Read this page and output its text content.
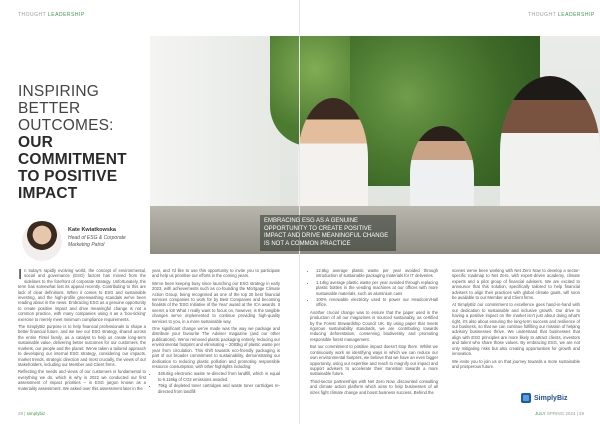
THOUGHT LEADERSHIP	THOUGHT LEADERSHIP
INSPIRING
BETTER
OUTCOMES:
OUR
COMMITMENT
TO POSITIVE
IMPACT
Kate Kwiatkowska
Head of ESG & Corporate Marketing Patrol
EMBRACING ESG AS A GENUINE OPPORTUNITY TO CREATE POSITIVE IMPACT AND DRIVE MEANINGFUL CHANGE IS NOT A COMMON PRACTICE

In today's rapidly evolving world, the concept of environmental, social and governance (ESG) factors has moved from the sidelines to the forefront of corporate strategy. Unfortunately, the term has somewhat lost its appeal recently. Contributing to this are lack of clear definitions. When it comes to ESG and sustainable investing, and the high-profile greenwashing scandals we've been reading about in the news. Embracing ESG as a genuine opportunity to create positive impact and drive meaningful change is not a common practice, with many companies using it as a 'box-ticking' exercise to merely meet minimum compliance requirements.

The SimplyBiz purpose is to help financial professionals to shape a better financial future, and we see our ESG strategy, shared across the entire Fintel family, as a catalyst to help us create long-term sustainable value, delivering better outcomes for our customers, the markets, our people and the planet. We've taken a tailored approach to developing our internal ESG strategy, considering our impacts, market trends, strategic direction and most crucially, the views of our stakeholders, including our Member and Client firms.

Reflecting the needs and views of our customers is fundamental to everything we do, which is why in 2022 we conducted our first assessment of impact priorities – in ESG jargon known as a materiality assessment. We asked over this assessment later in the

year, and I'd like to use this opportunity to invite you to participate and help us prioritise our efforts in the coming years.

We've been keeping busy since launching our ESG strategy in early 2023, with achievements such as co-founding the Mortgage Climate Action Group, being recognised as one of the top 20 best financial services companies to work for by Best Companies and becoming finalists of the 'ESG Initiative of the Year' award at the ICA awards. It seems a lot! What I really want to focus on, however, is the tangible changes we've implemented to continue providing high-quality services to you, in a more sustainable way.

One significant change we've made was the way we package and distribute your favourite The Adviser magazine (and our other publications). We've removed plastic packaging entirely, reducing our environmental footprint and eliminating – 2083kg of plastic waste per year from circulation. This shift towards eco-friendly packaging is part of our broader commitment to sustainability, demonstrating our dedication to reducing plastic pollution and promoting responsible resource consumption, with other highlights including:

• 348.6kg electronic waste re-directed from landfill, which is equal to 6.116kg of CO2 emissions avoided
• 75kg of depleted toner cartridges and waste toner cartridges re-directed from landfill
• 12.6kg average plastic waste per year avoided through introduction of sustainable packaging materials for IT deliveries
• 1.14kg average plastic waste per year avoided through replacing plastic bottles in the vending machines at our offices with more sustainable materials, such as aluminium cans
• 100% renewable electricity used to power our Headcorn/Hall office.

Another crucial change was to ensure that the paper used in the production of all our magazines is sourced sustainably, as certified by the Forest Stewardship Council UK. By using paper that meets rigorous sustainability standards, we are contributing towards reducing deforestation, conserving biodiversity and promoting responsible forest management.

But our commitment to positive impact doesn't stop there. Whilst we continuously work on identifying ways in which we can reduce our own environmental footprint, we believe that we have an even bigger opportunity, using our expertise and reach to magnify our impact and support advisers to accelerate their transition towards a more sustainable future.

Third-sector partnerships with Net Zero Now, discounted consulting and climate action platform which aims to help businesses of all sizes fight climate change and boost business success. Behind the

scenes we've been working with Net Zero Now to develop a sector-specific roadmap to Net Zero, with expert-driven academy, climate experts and a pilot group of financial advisers. We are excited to announce that this solution, specifically tailored to help financial advisers to align their practices with global climate goals, will soon be available to our Member and Client firms.

At SimplyBiz our commitment to excellence goes hand-in-hand with our dedication to sustainable and inclusive growth. Our drive to having a positive impact on the market isn't just about doing what's right, it's also about ensuring the long-term success and resilience of our business, so that we can continue fulfilling our mission of helping advisory businesses thrive. We understand that businesses that align with ESG principles are more likely to attract clients, investors and talent who share those values. By embracing ESG, we are not only mitigating risks but also creating opportunities for growth and innovation.

We invite you to join us on that journey towards a more sustainable and prosperous future.

SimplyBiz
28 | simplybiz	JULY SPRING 2024 | 29
